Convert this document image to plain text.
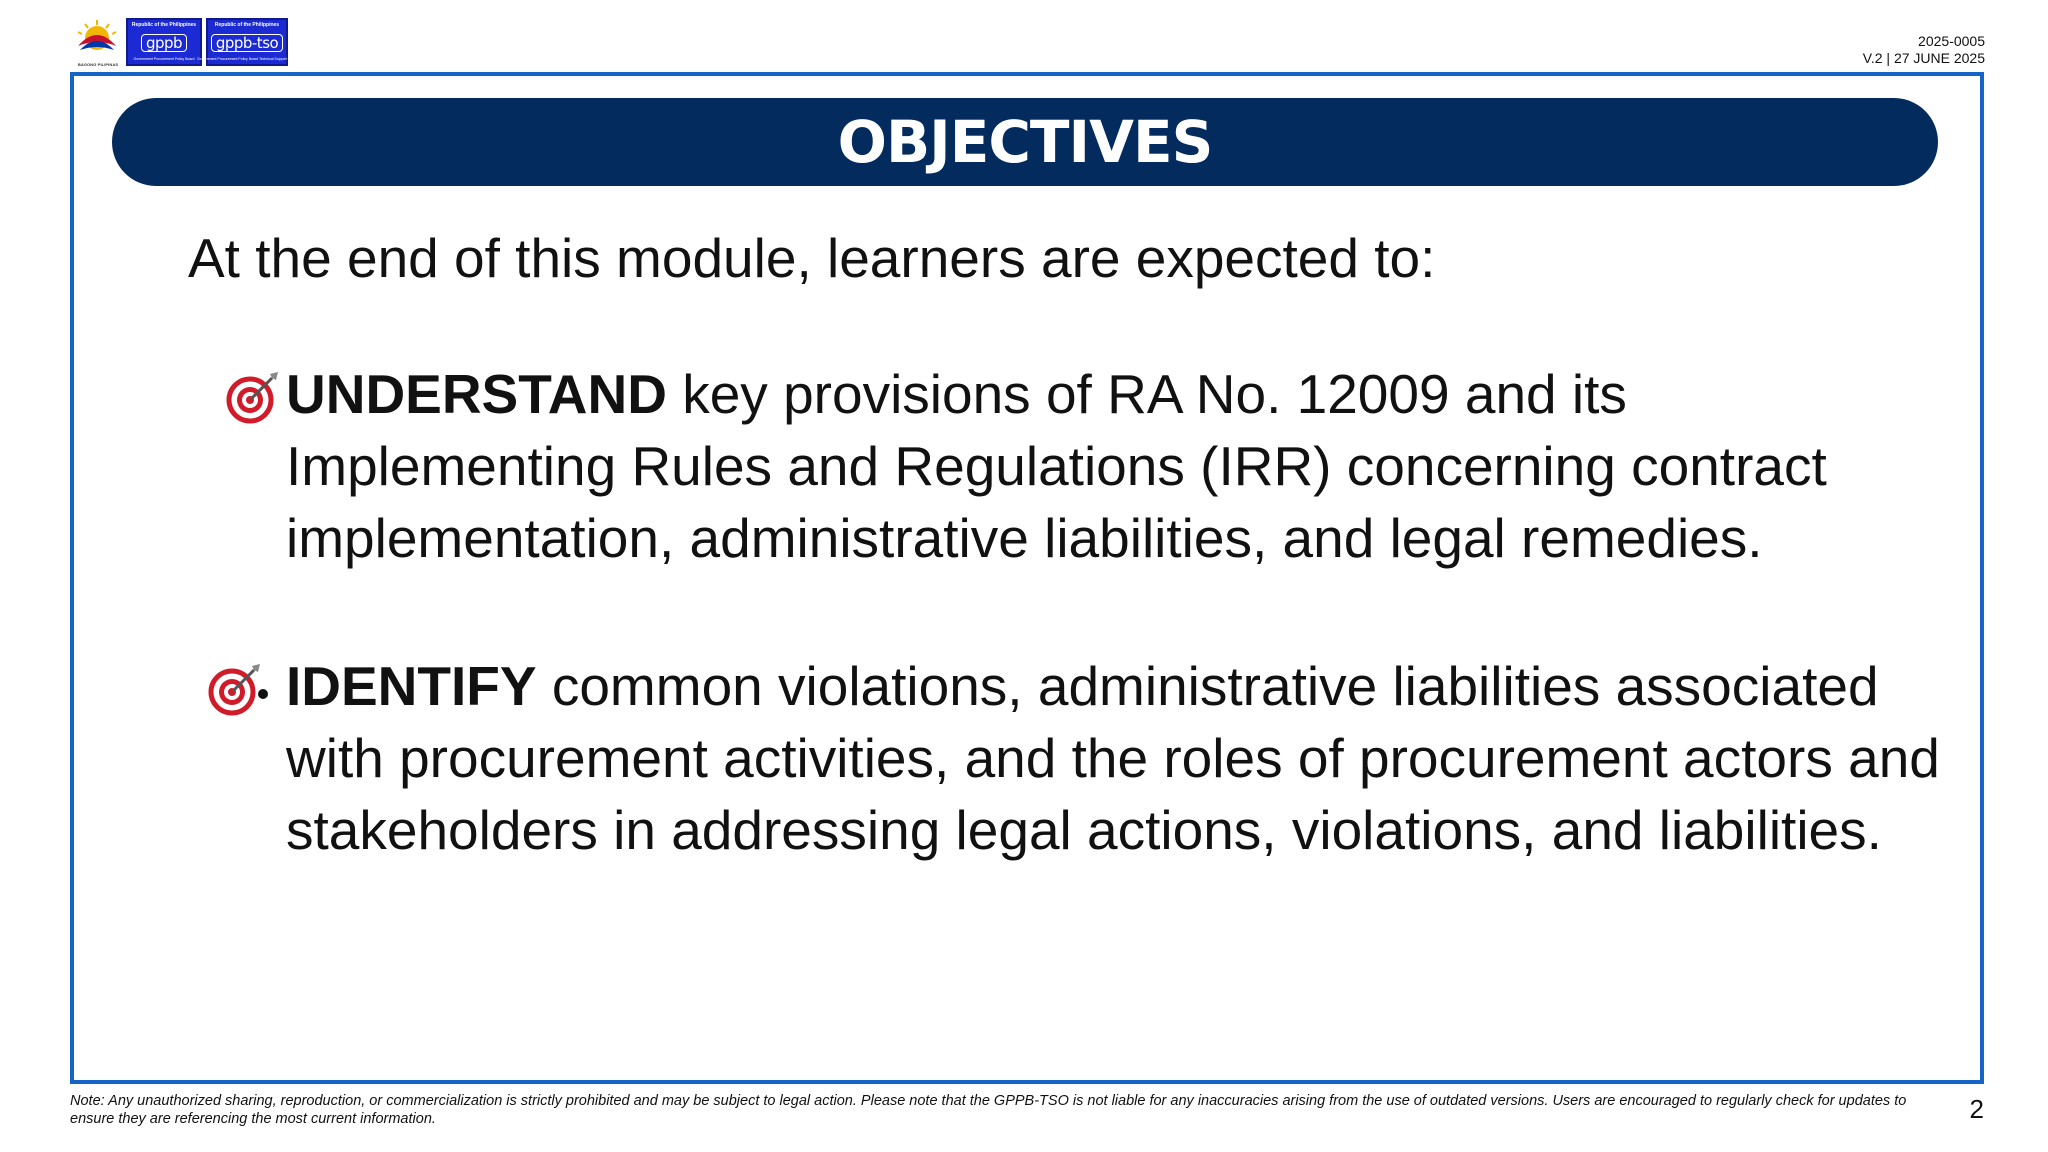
BAGONG PILIPINAS
Republic of the Philippines
gppb
Government Procurement Policy Board
Republic of the Philippines
gppb-tso
Government Procurement Policy Board Technical Support Office
2025-0005
V.2 | 27 JUNE 2025
OBJECTIVES
At the end of this module, learners are expected to:
UNDERSTAND key provisions of RA No. 12009 and its Implementing Rules and Regulations (IRR) concerning contract implementation, administrative liabilities, and legal remedies.
IDENTIFY common violations, administrative liabilities associated with procurement activities, and the roles of procurement actors and stakeholders in addressing legal actions, violations, and liabilities.
Note: Any unauthorized sharing, reproduction, or commercialization is strictly prohibited and may be subject to legal action. Please note that the GPPB-TSO is not liable for any inaccuracies arising from the use of outdated versions. Users are encouraged to regularly check for updates to ensure they are referencing the most current information.	2
